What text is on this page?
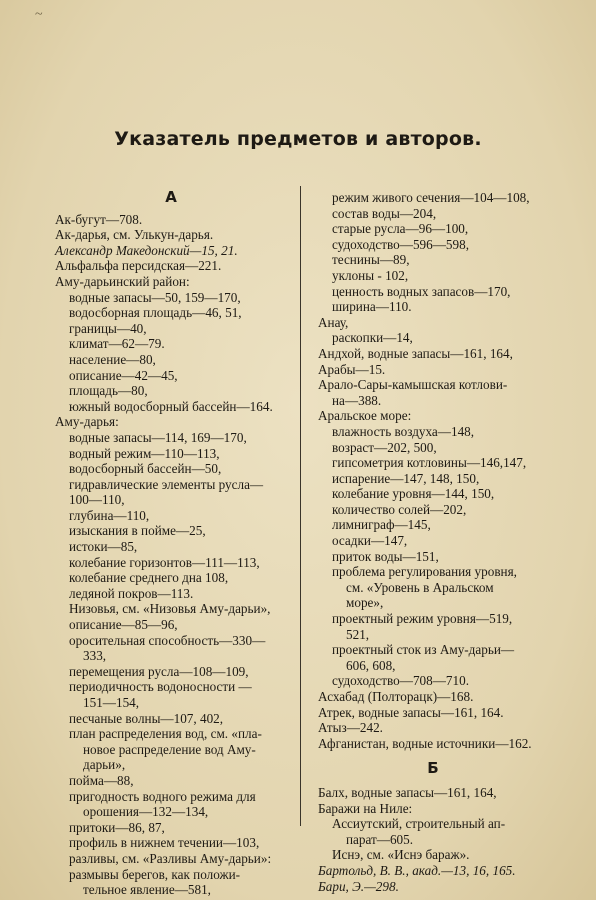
~
Указатель предметов и авторов.
А
Ак-бугут—708.
Ак-дарья, см. Улькун-дарья.
Александр Македонский—15, 21.
Альфальфа персидская—221.
Аму-дарьинский район:
водные запасы—50, 159—170,
водосборная площадь—46, 51,
границы—40,
климат—62—79.
население—80,
описание—42—45,
площадь—80,
южный водосборный бассейн—164.
Аму-дарья:
водные запасы—114, 169—170,
водный режим—110—113,
водосборный бассейн—50,
гидравлические элементы русла—
100—110,
глубина—110,
изыскания в пойме—25,
истоки—85,
колебание горизонтов—111—113,
колебание среднего дна 108,
ледяной покров—113.
Низовья, см. «Низовья Аму-дарьи»,
описание—85—96,
оросительная способность—330—
333,
перемещения русла—108—109,
периодичность водоносности —
151—154,
песчаные волны—107, 402,
план распределения вод, см. «пла-
новое распределение вод Аму-
дарьи»,
пойма—88,
пригодность водного режима для
орошения—132—134,
притоки—86, 87,
профиль в нижнем течении—103,
разливы, см. «Разливы Аму-дарьи»:
размывы берегов, как положи-
тельное явление—581,
режим живого сечения—104—108,
состав воды—204,
старые русла—96—100,
судоходство—596—598,
теснины—89,
уклоны - 102,
ценность водных запасов—170,
ширина—110.
Анау,
раскопки—14,
Андхой, водные запасы—161, 164,
Арабы—15.
Арало-Сары-камышская котлови-
на—388.
Аральское море:
влажность воздуха—148,
возраст—202, 500,
гипсометрия котловины—146,147,
испарение—147, 148, 150,
колебание уровня—144, 150,
количество солей—202,
лимниграф—145,
осадки—147,
приток воды—151,
проблема регулирования уровня,
см. «Уровень в Аральском
море»,
проектный режим уровня—519,
521,
проектный сток из Аму-дарьи—
606, 608,
судоходство—708—710.
Асхабад (Полторацк)—168.
Атрек, водные запасы—161, 164.
Атыз—242.
Афганистан, водные источники—162.
Б
Балх, водные запасы—161, 164,
Баражи на Ниле:
Ассиутский, строительный ап-
парат—605.
Иснэ, см. «Иснэ бараж».
Бартольд, В. В., акад.—13, 16, 165.
Бари, Э.—298.
